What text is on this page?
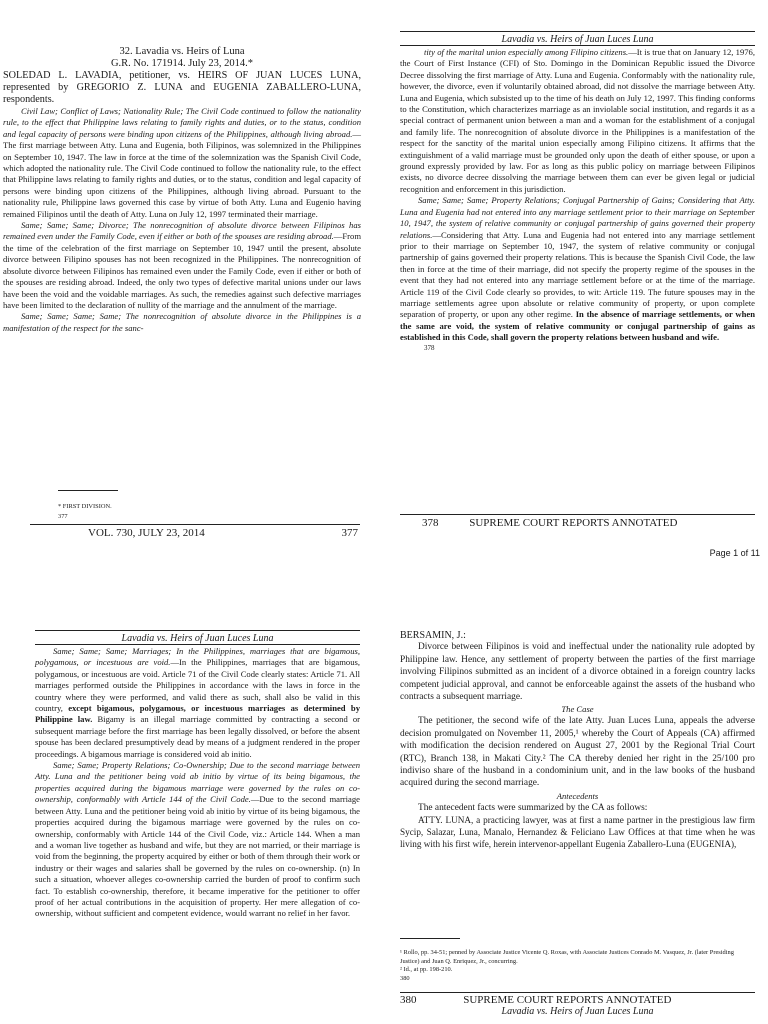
32. Lavadia vs. Heirs of Luna

G.R. No. 171914. July 23, 2014.*

SOLEDAD L. LAVADIA, petitioner, vs. HEIRS OF JUAN LUCES LUNA, represented by GREGORIO Z. LUNA and EUGENIA ZABALLERO-LUNA, respondents.

Civil Law; Conflict of Laws; Nationality Rule; The Civil Code continued to follow the nationality rule, to the effect that Philippine laws relating to family rights and duties, or to the status, condition and legal capacity of persons were binding upon citizens of the Philippines, although living abroad.—The first marriage between Atty. Luna and Eugenia, both Filipinos, was solemnized in the Philippines on September 10, 1947. The law in force at the time of the solemnization was the Spanish Civil Code, which adopted the nationality rule. The Civil Code continued to follow the nationality rule, to the effect that Philippine laws relating to family rights and duties, or to the status, condition and legal capacity of persons were binding upon citizens of the Philippines, although living abroad. Pursuant to the nationality rule, Philippine laws governed this case by virtue of both Atty. Luna and Eugenio having remained Filipinos until the death of Atty. Luna on July 12, 1997 terminated their marriage.

Same; Same; Same; Divorce; The nonrecognition of absolute divorce between Filipinos has remained even under the Family Code, even if either or both of the spouses are residing abroad.—From the time of the celebration of the first marriage on September 10, 1947 until the present, absolute divorce between Filipino spouses has not been recognized in the Philippines. The nonrecognition of absolute divorce between Filipinos has remained even under the Family Code, even if either or both of the spouses are residing abroad. Indeed, the only two types of defective marital unions under our laws have been the void and the voidable marriages. As such, the remedies against such defective marriages have been limited to the declaration of nullity of the marriage and the annulment of the marriage.

Same; Same; Same; Same; The nonrecognition of absolute divorce in the Philippines is a manifestation of the respect for the sanc-

* FIRST DIVISION.

377

VOL. 730, JULY 23, 2014	377

Lavadia vs. Heirs of Juan Luces Luna

tity of the marital union especially among Filipino citizens.—It is true that on January 12, 1976, the Court of First Instance (CFI) of Sto. Domingo in the Dominican Republic issued the Divorce Decree dissolving the first marriage of Atty. Luna and Eugenia. Conformably with the nationality rule, however, the divorce, even if voluntarily obtained abroad, did not dissolve the marriage between Atty. Luna and Eugenia, which subsisted up to the time of his death on July 12, 1997. This finding conforms to the Constitution, which characterizes marriage as an inviolable social institution, and regards it as a special contract of permanent union between a man and a woman for the establishment of a conjugal and family life. The nonrecognition of absolute divorce in the Philippines is a manifestation of the respect for the sanctity of the marital union especially among Filipino citizens. It affirms that the extinguishment of a valid marriage must be grounded only upon the death of either spouse, or upon a ground expressly provided by law. For as long as this public policy on marriage between Filipinos exists, no divorce decree dissolving the marriage between them can ever be given legal or judicial recognition and enforcement in this jurisdiction.

Same; Same; Same; Property Relations; Conjugal Partnership of Gains; Considering that Atty. Luna and Eugenia had not entered into any marriage settlement prior to their marriage on September 10, 1947, the system of relative community or conjugal partnership of gains governed their property relations.—Considering that Atty. Luna and Eugenia had not entered into any marriage settlement prior to their marriage on September 10, 1947, the system of relative community or conjugal partnership of gains governed their property relations. This is because the Spanish Civil Code, the law then in force at the time of their marriage, did not specify the property regime of the spouses in the event that they had not entered into any marriage settlement before or at the time of the marriage. Article 119 of the Civil Code clearly so provides, to wit: Article 119. The future spouses may in the marriage settlements agree upon absolute or relative community of property, or upon complete separation of property, or upon any other regime. In the absence of marriage settlements, or when the same are void, the system of relative community or conjugal partnership of gains as established in this Code, shall govern the property relations between husband and wife.

378

378	SUPREME COURT REPORTS ANNOTATED
Page 1 of 11

Lavadia vs. Heirs of Juan Luces Luna

Same; Same; Same; Marriages; In the Philippines, marriages that are bigamous, polygamous, or incestuous are void.—In the Philippines, marriages that are bigamous, polygamous, or incestuous are void. Article 71 of the Civil Code clearly states: Article 71. All marriages performed outside the Philippines in accordance with the laws in force in the country where they were performed, and valid there as such, shall also be valid in this country, except bigamous, polygamous, or incestuous marriages as determined by Philippine law. Bigamy is an illegal marriage committed by contracting a second or subsequent marriage before the first marriage has been legally dissolved, or before the absent spouse has been declared presumptively dead by means of a judgment rendered in the proper proceedings. A bigamous marriage is considered void ab initio.

Same; Same; Property Relations; Co-Ownership; Due to the second marriage between Atty. Luna and the petitioner being void ab initio by virtue of its being bigamous, the properties acquired during the bigamous marriage were governed by the rules on co-ownership, conformably with Article 144 of the Civil Code.—Due to the second marriage between Atty. Luna and the petitioner being void ab initio by virtue of its being bigamous, the properties acquired during the bigamous marriage were governed by the rules on co-ownership, conformably with Article 144 of the Civil Code, viz.: Article 144. When a man and a woman live together as husband and wife, but they are not married, or their marriage is void from the beginning, the property acquired by either or both of them through their work or industry or their wages and salaries shall be governed by the rules on co-ownership. (n) In such a situation, whoever alleges co-ownership carried the burden of proof to confirm such fact. To establish co-ownership, therefore, it became imperative for the petitioner to offer proof of her actual contributions in the acquisition of property. Her mere allegation of co-ownership, without sufficient and competent evidence, would warrant no relief in her favor.

BERSAMIN, J.:

Divorce between Filipinos is void and ineffectual under the nationality rule adopted by Philippine law. Hence, any settlement of property between the parties of the first marriage involving Filipinos submitted as an incident of a divorce obtained in a foreign country lacks competent judicial approval, and cannot be enforceable against the assets of the husband who contracts a subsequent marriage.

The Case

The petitioner, the second wife of the late Atty. Juan Luces Luna, appeals the adverse decision promulgated on November 11, 2005,¹ whereby the Court of Appeals (CA) affirmed with modification the decision rendered on August 27, 2001 by the Regional Trial Court (RTC), Branch 138, in Makati City.² The CA thereby denied her right in the 25/100 pro indiviso share of the husband in a condominium unit, and in the law books of the husband acquired during the second marriage.

Antecedents

The antecedent facts were summarized by the CA as follows:

ATTY. LUNA, a practicing lawyer, was at first a name partner in the prestigious law firm Sycip, Salazar, Luna, Manalo, Hernandez & Feliciano Law Offices at that time when he was living with his first wife, herein intervenor-appellant Eugenia Zaballero-Luna (EUGENIA),

¹ Rollo, pp. 34-51; penned by Associate Justice Vicente Q. Roxas, with Associate Justices Conrado M. Vasquez, Jr. (later Presiding Justice) and Juan Q. Enriquez, Jr., concurring.

² Id., at pp. 198-210.

380

380	SUPREME COURT REPORTS ANNOTATED

Lavadia vs. Heirs of Juan Luces Luna
